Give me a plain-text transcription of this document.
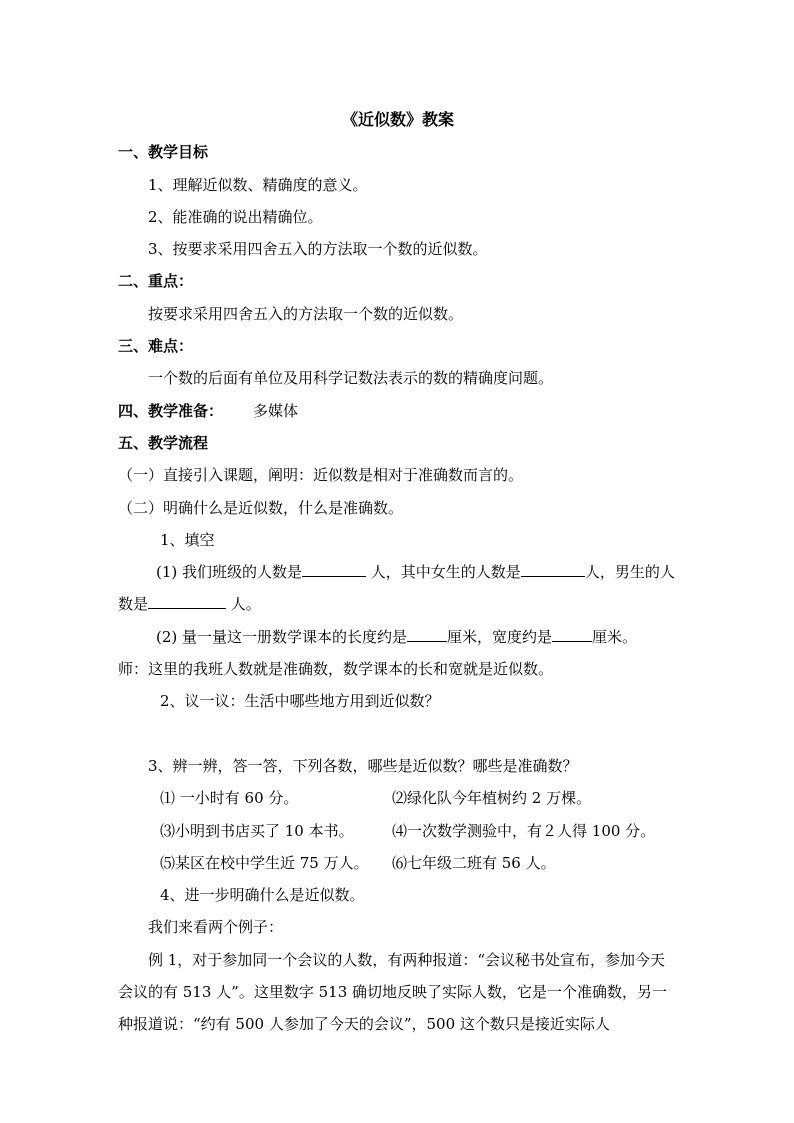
《近似数》教案

一、教学目标

1、理解近似数、精确度的意义。

2、能准确的说出精确位。

3、按要求采用四舍五入的方法取一个数的近似数。

二、重点：

按要求采用四舍五入的方法取一个数的近似数。

三、难点：

一个数的后面有单位及用科学记数法表示的数的精确度问题。

四、教学准备： 多媒体

五、教学流程

（一）直接引入课题，阐明：近似数是相对于准确数而言的。

（二）明确什么是近似数，什么是准确数。

1、填空

(1) 我们班级的人数是	人，其中女生的人数是	人，男生的人数是	人。

(2) 量一量这一册数学课本的长度约是	厘米，宽度约是	厘米。

师：这里的我班人数就是准确数，数学课本的长和宽就是近似数。

2、议一议：生活中哪些地方用到近似数？

3、辨一辨，答一答，下列各数，哪些是近似数？哪些是准确数？

⑴ 一小时有 60 分。	⑵绿化队今年植树约 2 万棵。
⑶小明到书店买了 10 本书。	⑷一次数学测验中，有２人得 100 分。
⑸某区在校中学生近 75 万人。	⑹七年级二班有 56 人。

4、进一步明确什么是近似数。

我们来看两个例子：

例 1，对于参加同一个会议的人数，有两种报道：“会议秘书处宣布，参加今天会议的有 513 人”。这里数字 513 确切地反映了实际人数，它是一个准确数，另一种报道说：“约有 500 人参加了今天的会议”，500 这个数只是接近实际人
